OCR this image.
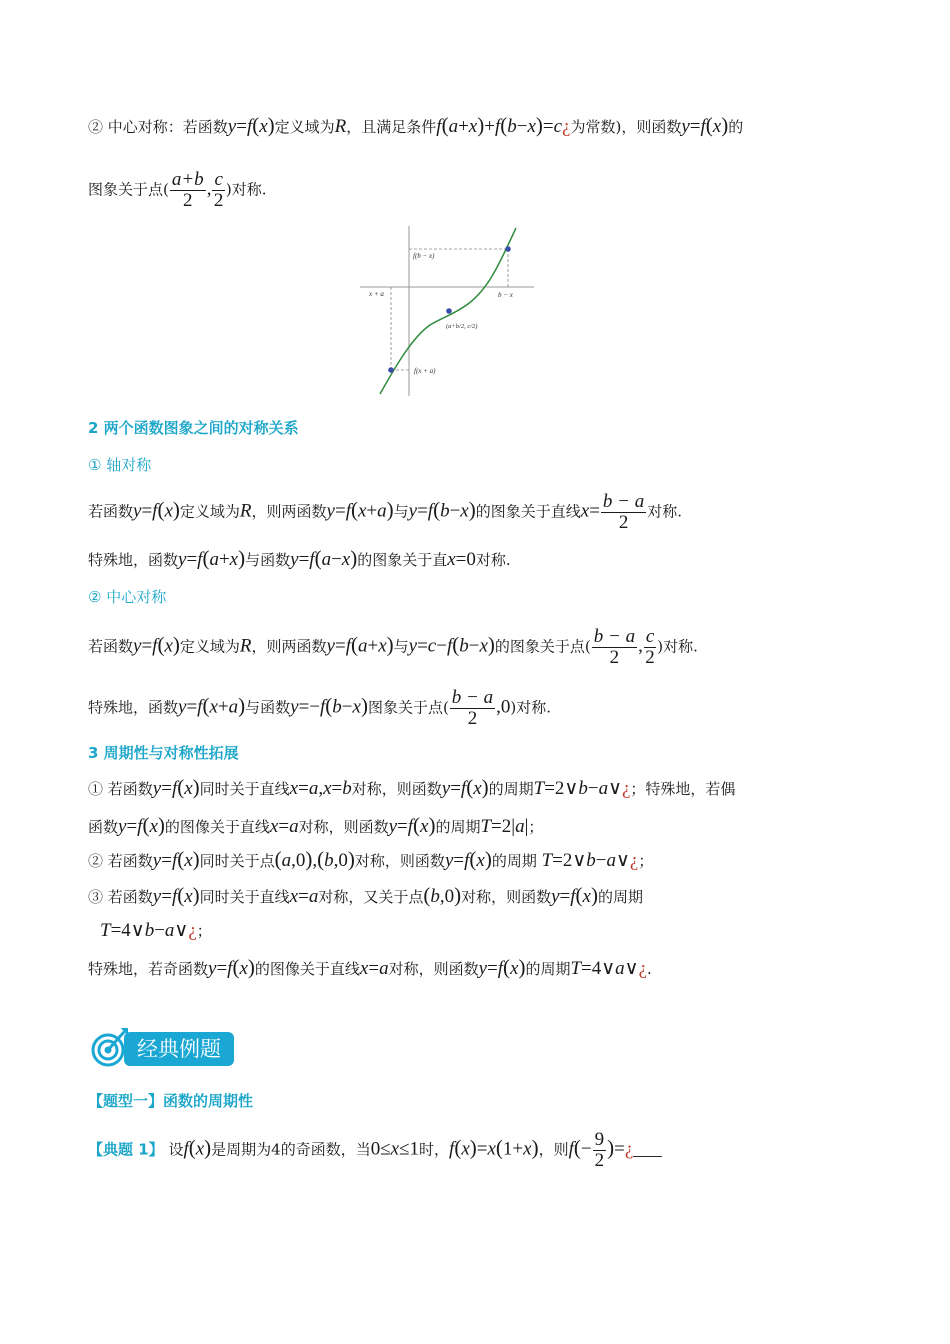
② 中心对称：若函数y=f(x)定义域为R，且满足条件f(a+x)+f(b−x)=c¿为常数)，则函数y=f(x)的
图象关于点( $\frac{a+b}{2}$ , $\frac{c}{2}$ )对称.
f(b − x)
x + a	b − x
(a+b/2, c/2)
f(x + a)
2 两个函数图象之间的对称关系
① 轴对称
若函数y=f(x)定义域为R，则两函数y=f(x+a)与y=f(b−x)的图象关于直线$x= \frac{b - a}{2}$ 对称.
特殊地，函数y=f(a+x)与函数y=f(a−x)的图象关于直x=0对称.
② 中心对称
若函数y=f(x)定义域为R，则两函数y=f(a+x)与y=c−f(b−x)的图象关于点( $\frac{b - a}{2}$ , $\frac{c}{2}$ )对称.
特殊地，函数y=f(x+a)与函数y=−f(b−x)图象关于点( $\frac{b - a}{2} ,0$)对称.
3 周期性与对称性拓展
① 若函数y=f(x)同时关于直线x=a,x=b对称，则函数y=f(x)的周期T=2∨b−a∨¿；特殊地，若偶
函数y=f(x)的图像关于直线x=a对称，则函数y=f(x)的周期T=2|a|；
② 若函数y=f(x)同时关于点(a,0),(b,0)对称，则函数y=f(x)的周期 T=2∨b−a∨¿；
③ 若函数y=f(x)同时关于直线x=a对称，又关于点(b,0)对称，则函数y=f(x)的周期
T=4∨b−a∨¿；
特殊地，若奇函数y=f(x)的图像关于直线x=a对称，则函数y=f(x)的周期T=4∨a∨¿.
经典例题
【题型一】函数的周期性
【典题 1】 设f(x)是周期为4的奇函数，当0≤x≤1时，f(x)=x(1+x)，则$f(- \frac{9}{2}$ )=¿___
